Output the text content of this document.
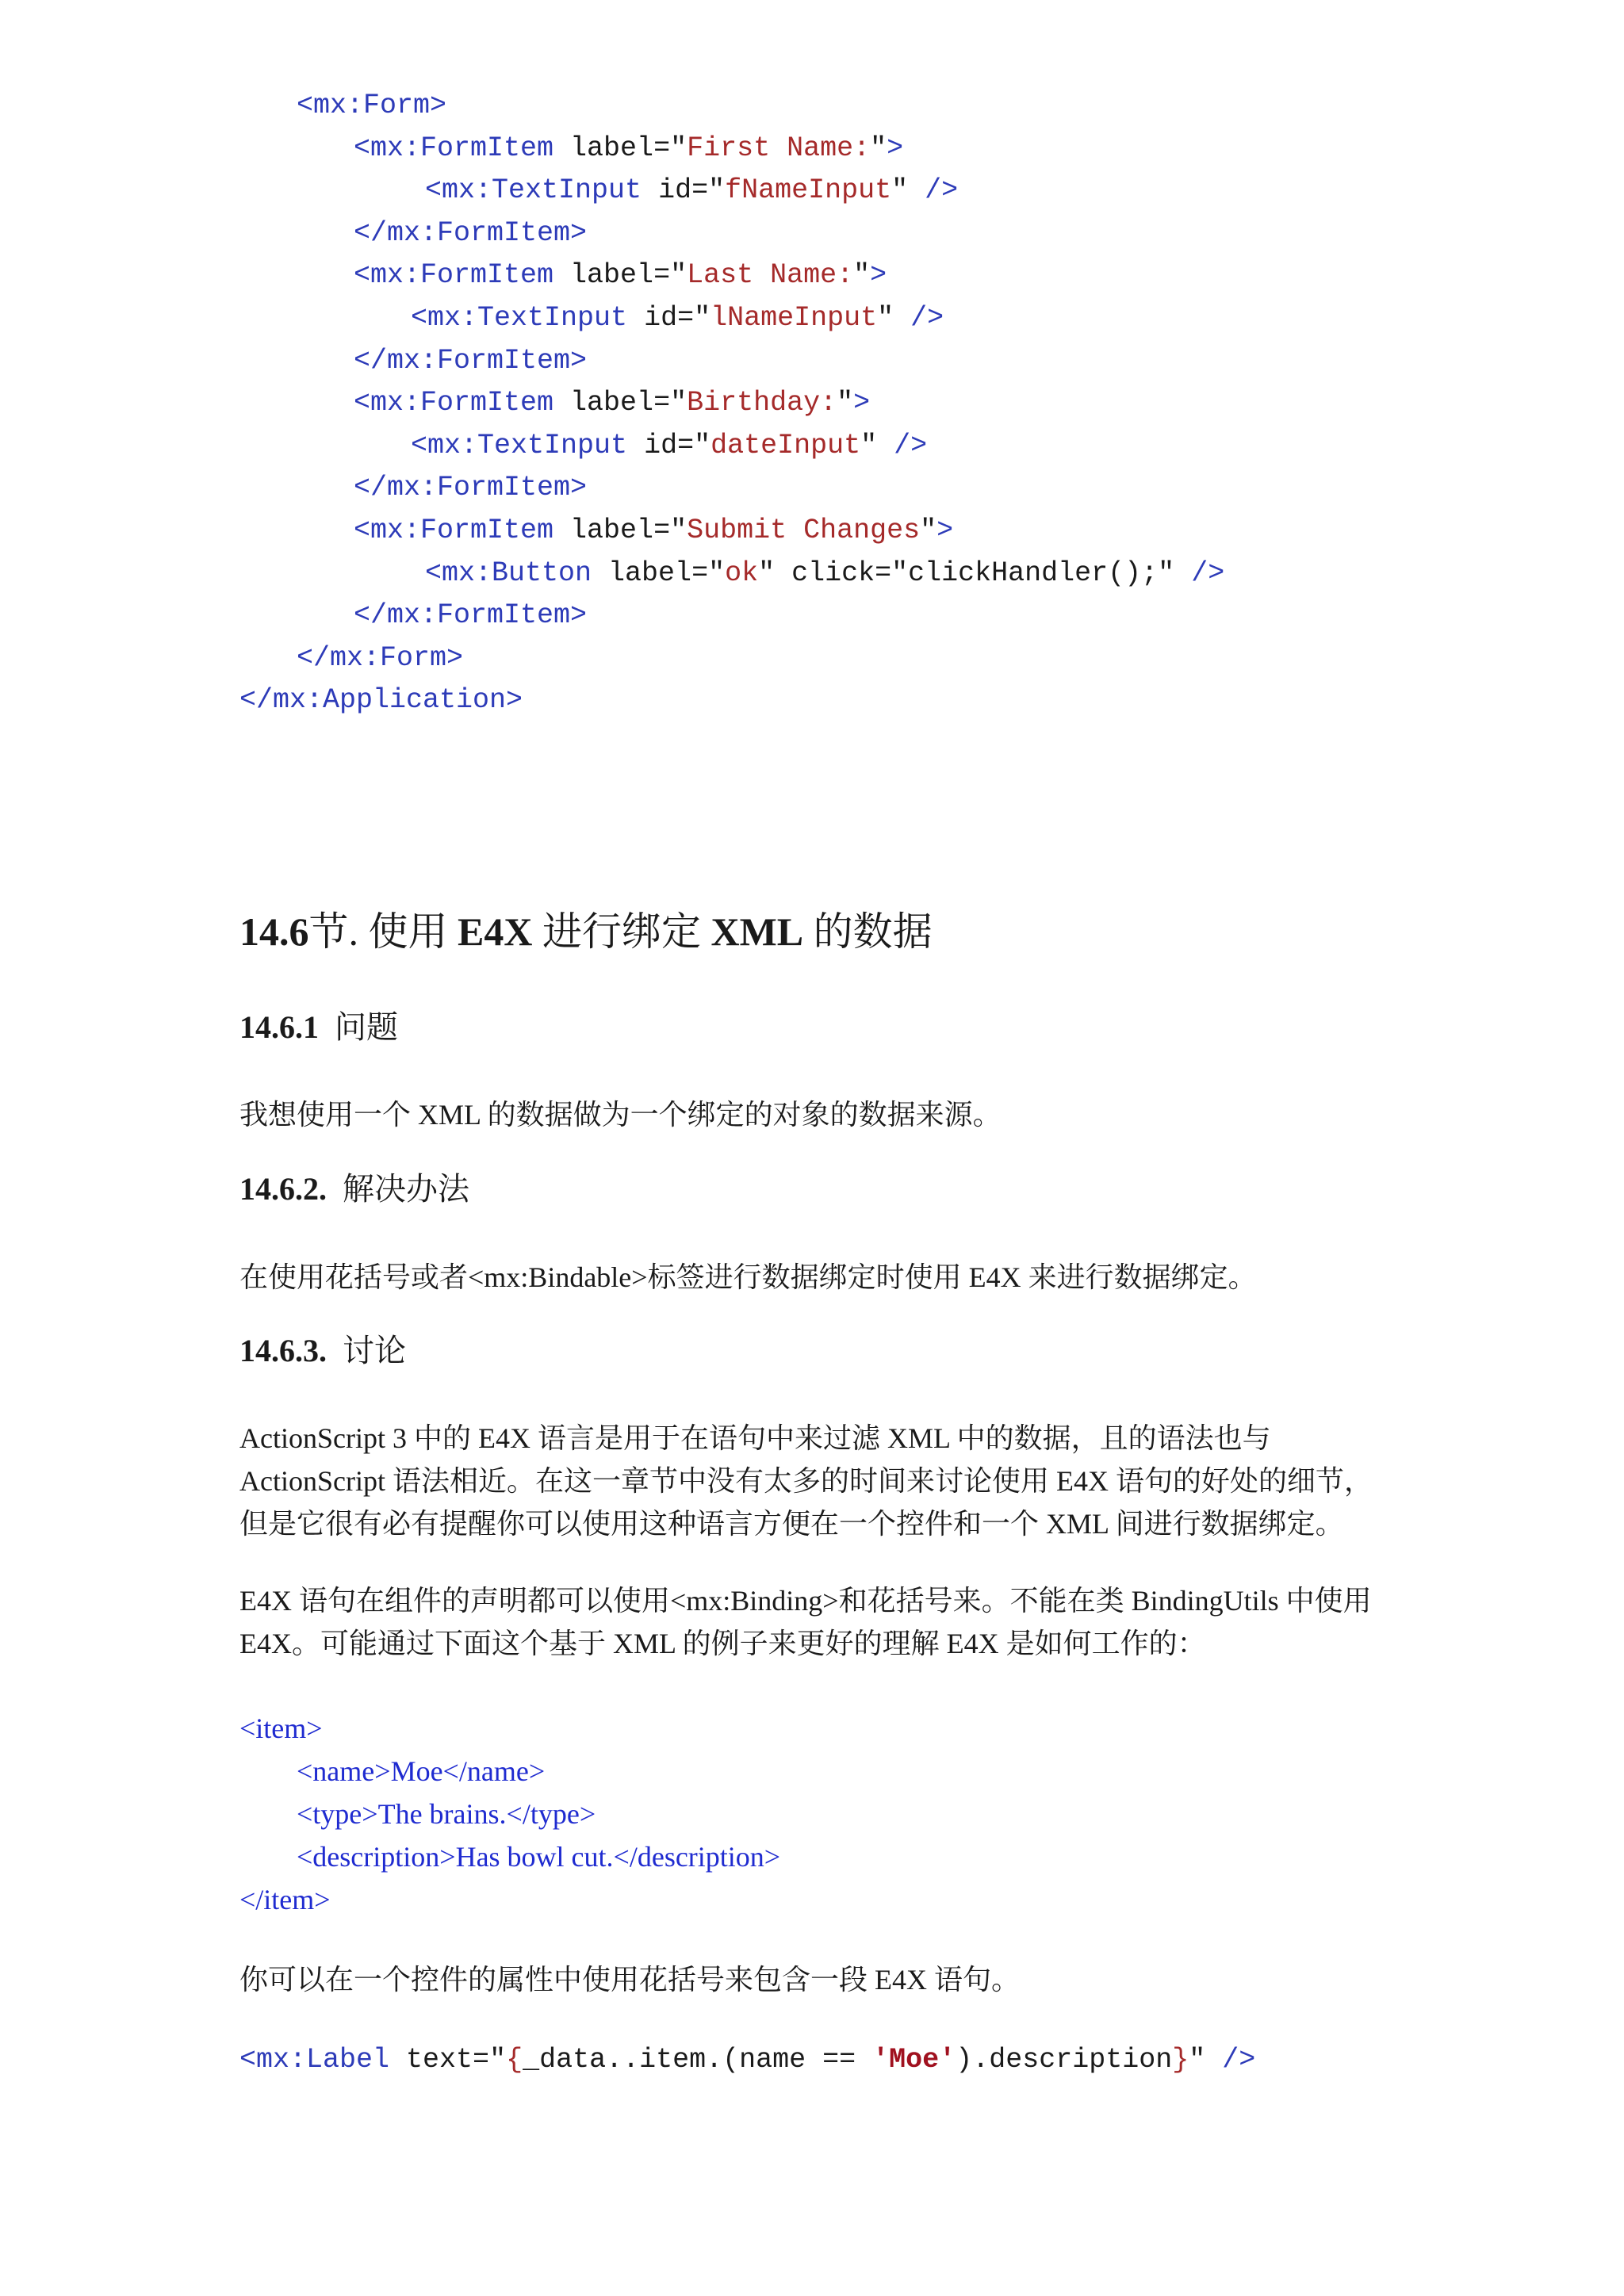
<mx:Form>
<mx:FormItem label="First Name:">
<mx:TextInput id="fNameInput" />
</mx:FormItem>
<mx:FormItem label="Last Name:">
<mx:TextInput id="lNameInput" />
</mx:FormItem>
<mx:FormItem label="Birthday:">
<mx:TextInput id="dateInput" />
</mx:FormItem>
<mx:FormItem label="Submit Changes">
<mx:Button label="ok" click="clickHandler();" />
</mx:FormItem>
</mx:Form>
</mx:Application>
14.6节. 使用 E4X 进行绑定 XML 的数据
14.6.1 问题
我想使用一个 XML 的数据做为一个绑定的对象的数据来源。
14.6.2. 解决办法
在使用花括号或者<mx:Bindable>标签进行数据绑定时使用 E4X 来进行数据绑定。
14.6.3. 讨论
ActionScript 3 中的 E4X 语言是用于在语句中来过滤 XML 中的数据，且的语法也与
ActionScript 语法相近。在这一章节中没有太多的时间来讨论使用 E4X 语句的好处的细节，
但是它很有必有提醒你可以使用这种语言方便在一个控件和一个 XML 间进行数据绑定。
E4X 语句在组件的声明都可以使用<mx:Binding>和花括号来。不能在类 BindingUtils 中使用
E4X。可能通过下面这个基于 XML 的例子来更好的理解 E4X 是如何工作的：
<item>
<name>Moe</name>
<type>The brains.</type>
<description>Has bowl cut.</description>
</item>
你可以在一个控件的属性中使用花括号来包含一段 E4X 语句。
<mx:Label text="{_data..item.(name == 'Moe').description}" />
